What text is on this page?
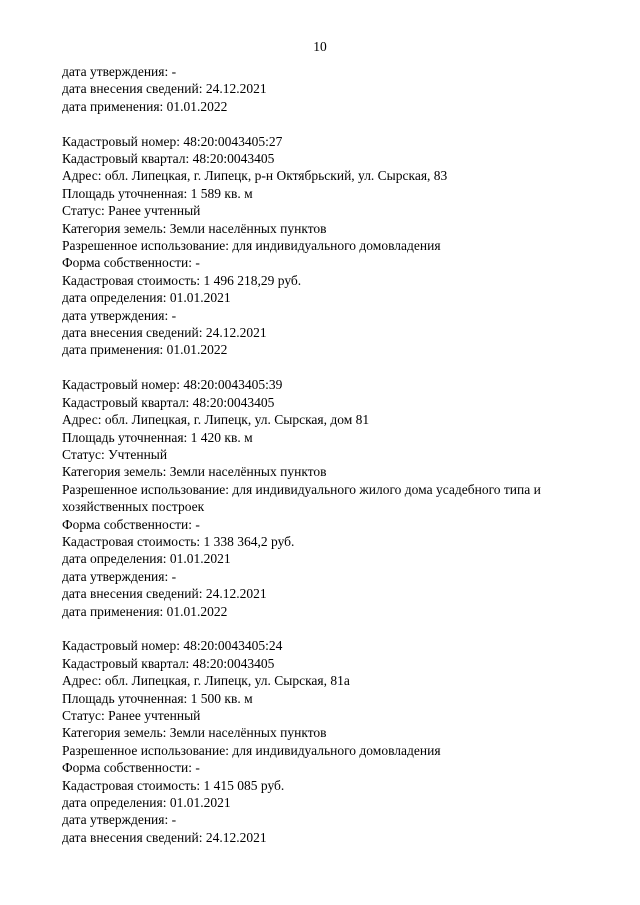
10
дата утверждения: -
дата внесения сведений: 24.12.2021
дата применения: 01.01.2022
Кадастровый номер: 48:20:0043405:27
Кадастровый квартал: 48:20:0043405
Адрес: обл. Липецкая, г. Липецк, р-н Октябрьский, ул. Сырская, 83
Площадь уточненная: 1 589 кв. м
Статус: Ранее учтенный
Категория земель: Земли населённых пунктов
Разрешенное использование: для индивидуального домовладения
Форма собственности: -
Кадастровая стоимость: 1 496 218,29 руб.
дата определения: 01.01.2021
дата утверждения: -
дата внесения сведений: 24.12.2021
дата применения: 01.01.2022
Кадастровый номер: 48:20:0043405:39
Кадастровый квартал: 48:20:0043405
Адрес: обл. Липецкая, г. Липецк, ул. Сырская, дом 81
Площадь уточненная: 1 420 кв. м
Статус: Учтенный
Категория земель: Земли населённых пунктов
Разрешенное использование: для индивидуального жилого дома усадебного типа и хозяйственных построек
Форма собственности: -
Кадастровая стоимость: 1 338 364,2 руб.
дата определения: 01.01.2021
дата утверждения: -
дата внесения сведений: 24.12.2021
дата применения: 01.01.2022
Кадастровый номер: 48:20:0043405:24
Кадастровый квартал: 48:20:0043405
Адрес: обл. Липецкая, г. Липецк, ул. Сырская, 81а
Площадь уточненная: 1 500 кв. м
Статус: Ранее учтенный
Категория земель: Земли населённых пунктов
Разрешенное использование: для индивидуального домовладения
Форма собственности: -
Кадастровая стоимость: 1 415 085 руб.
дата определения: 01.01.2021
дата утверждения: -
дата внесения сведений: 24.12.2021
